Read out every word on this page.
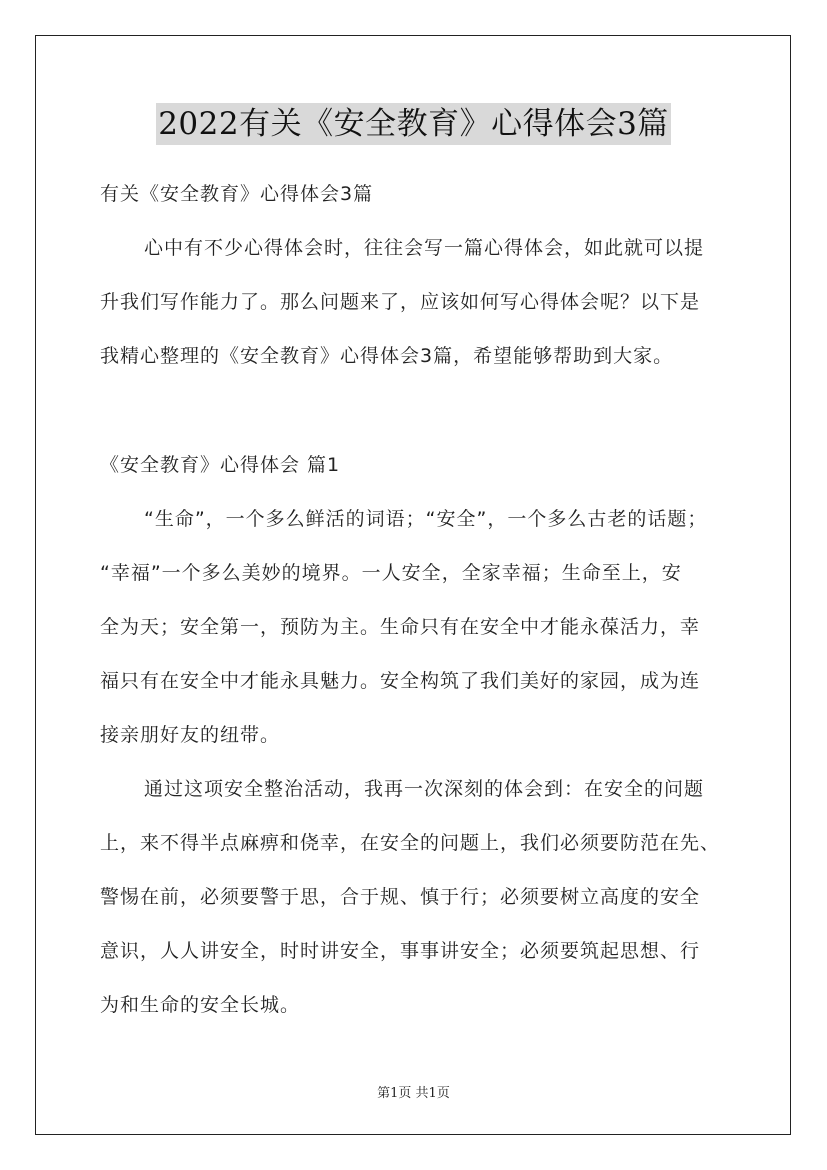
2022有关《安全教育》心得体会3篇
有关《安全教育》心得体会3篇
心中有不少心得体会时，往往会写一篇心得体会，如此就可以提
升我们写作能力了。那么问题来了，应该如何写心得体会呢？以下是
我精心整理的《安全教育》心得体会3篇，希望能够帮助到大家。
《安全教育》心得体会 篇1
“生命”，一个多么鲜活的词语；“安全”，一个多么古老的话题；
“幸福”一个多么美妙的境界。一人安全，全家幸福；生命至上，安
全为天；安全第一，预防为主。生命只有在安全中才能永葆活力，幸
福只有在安全中才能永具魅力。安全构筑了我们美好的家园，成为连
接亲朋好友的纽带。
通过这项安全整治活动，我再一次深刻的体会到：在安全的问题
上，来不得半点麻痹和侥幸，在安全的问题上，我们必须要防范在先、
警惕在前，必须要警于思，合于规、慎于行；必须要树立高度的安全
意识，人人讲安全，时时讲安全，事事讲安全；必须要筑起思想、行
为和生命的安全长城。
第1页 共1页
